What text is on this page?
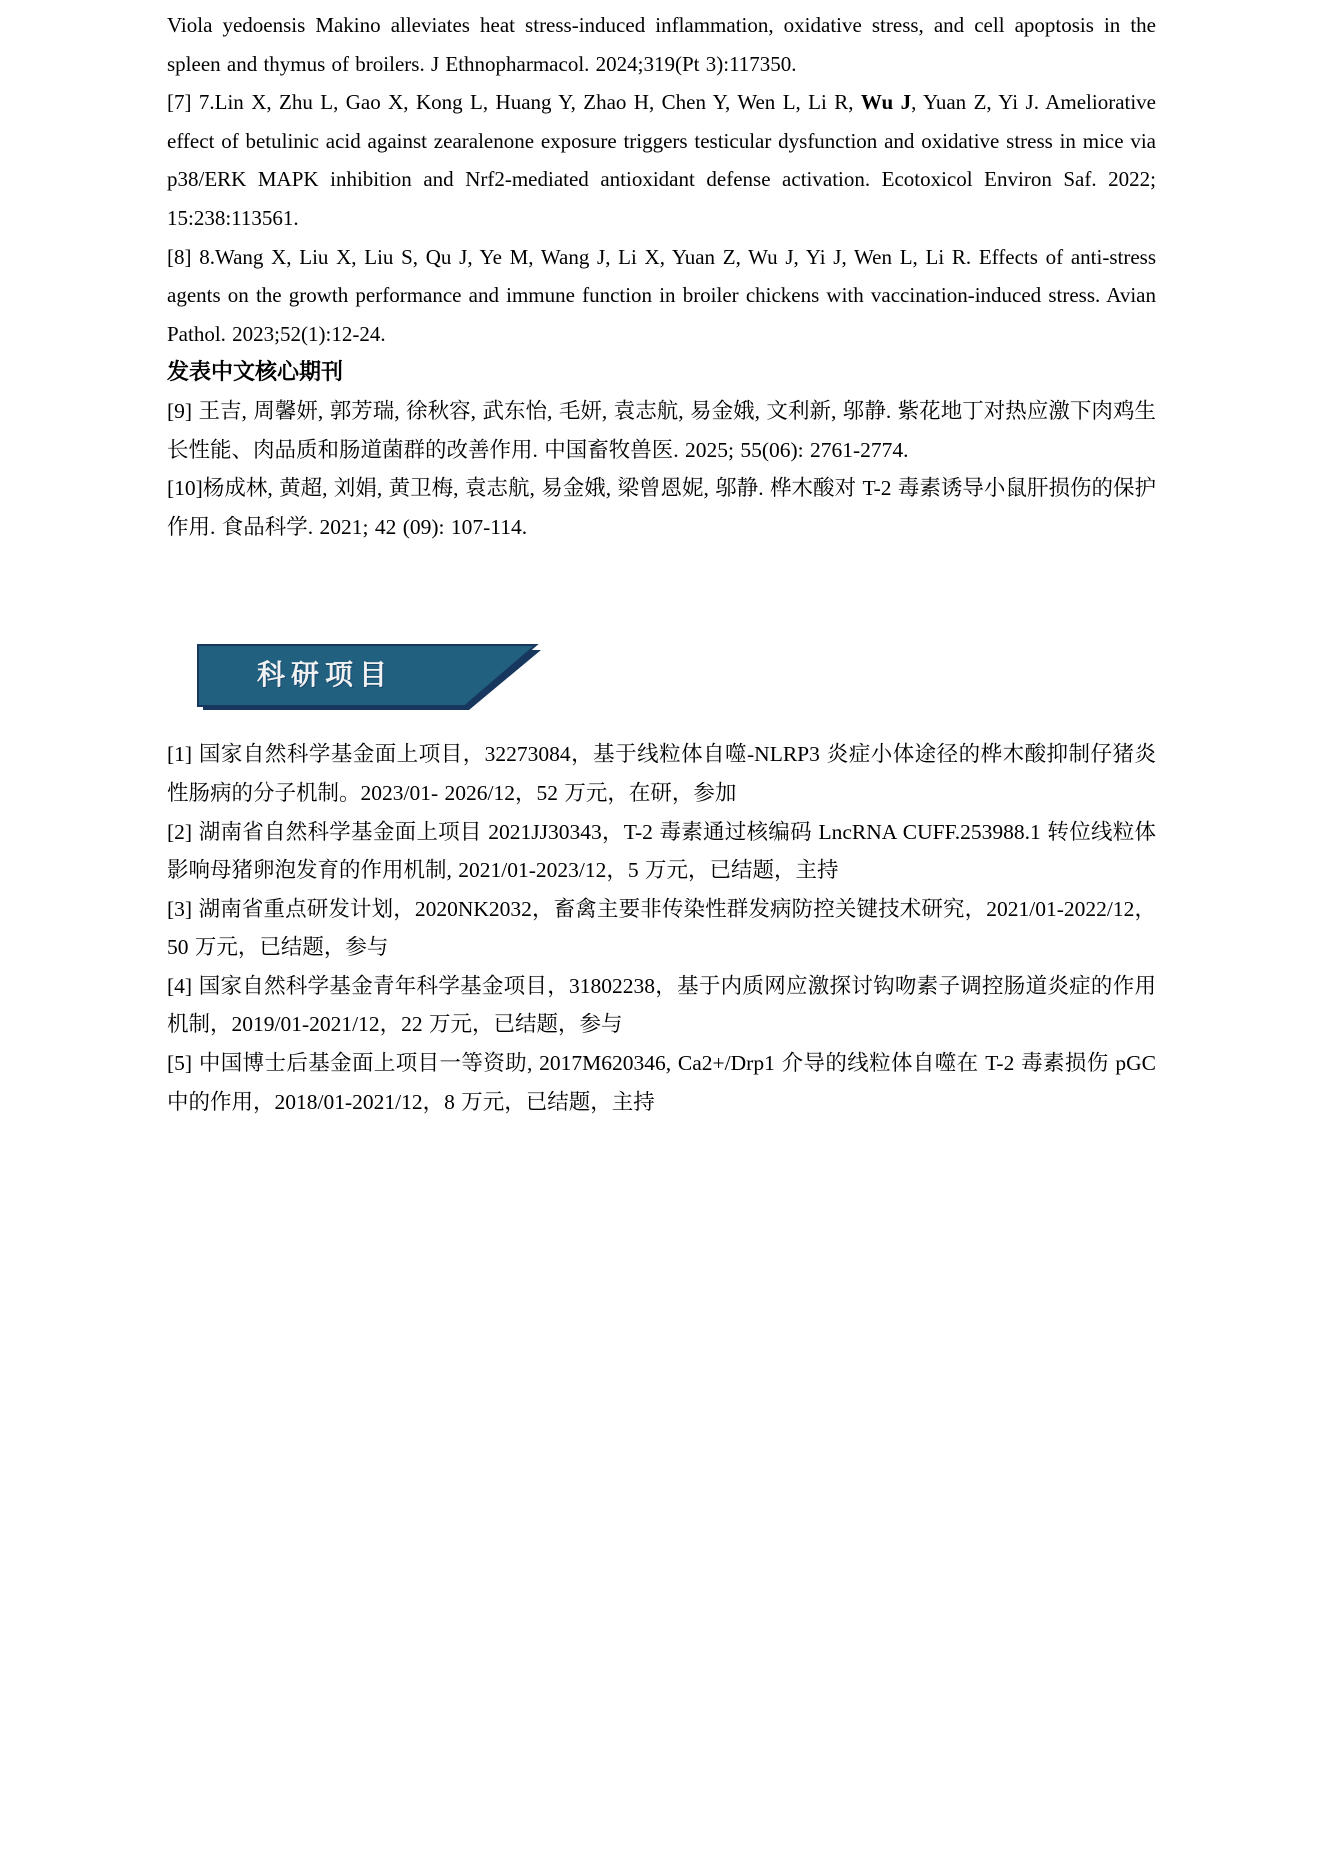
Viola yedoensis Makino alleviates heat stress-induced inflammation, oxidative stress, and cell apoptosis in the spleen and thymus of broilers. J Ethnopharmacol. 2024;319(Pt 3):117350.

[7] 7.Lin X, Zhu L, Gao X, Kong L, Huang Y, Zhao H, Chen Y, Wen L, Li R, Wu J, Yuan Z, Yi J. Ameliorative effect of betulinic acid against zearalenone exposure triggers testicular dysfunction and oxidative stress in mice via p38/ERK MAPK inhibition and Nrf2-mediated antioxidant defense activation. Ecotoxicol Environ Saf. 2022; 15:238:113561.

[8] 8.Wang X, Liu X, Liu S, Qu J, Ye M, Wang J, Li X, Yuan Z, Wu J, Yi J, Wen L, Li R. Effects of anti-stress agents on the growth performance and immune function in broiler chickens with vaccination-induced stress. Avian Pathol. 2023;52(1):12-24.

发表中文核心期刊

[9] 王吉, 周馨妍, 郭芳瑞, 徐秋容, 武东怡, 毛妍, 袁志航, 易金娥, 文利新, 邬静. 紫花地丁对热应激下肉鸡生长性能、肉品质和肠道菌群的改善作用. 中国畜牧兽医. 2025; 55(06): 2761-2774.

[10]杨成林, 黄超, 刘娟, 黄卫梅, 袁志航, 易金娥, 梁曾恩妮, 邬静. 桦木酸对 T-2 毒素诱导小鼠肝损伤的保护作用. 食品科学. 2021; 42 (09): 107-114.

科研项目

[1] 国家自然科学基金面上项目，32273084，基于线粒体自噬-NLRP3 炎症小体途径的桦木酸抑制仔猪炎性肠病的分子机制。2023/01- 2026/12，52 万元，在研，参加

[2] 湖南省自然科学基金面上项目 2021JJ30343，T-2 毒素通过核编码 LncRNA CUFF.253988.1 转位线粒体影响母猪卵泡发育的作用机制, 2021/01-2023/12，5 万元，已结题，主持

[3] 湖南省重点研发计划，2020NK2032，畜禽主要非传染性群发病防控关键技术研究，2021/01-2022/12，50 万元，已结题，参与

[4] 国家自然科学基金青年科学基金项目，31802238，基于内质网应激探讨钩吻素子调控肠道炎症的作用机制，2019/01-2021/12，22 万元，已结题，参与

[5] 中国博士后基金面上项目一等资助, 2017M620346, Ca2+/Drp1 介导的线粒体自噬在 T-2 毒素损伤 pGC 中的作用，2018/01-2021/12，8 万元，已结题，主持
